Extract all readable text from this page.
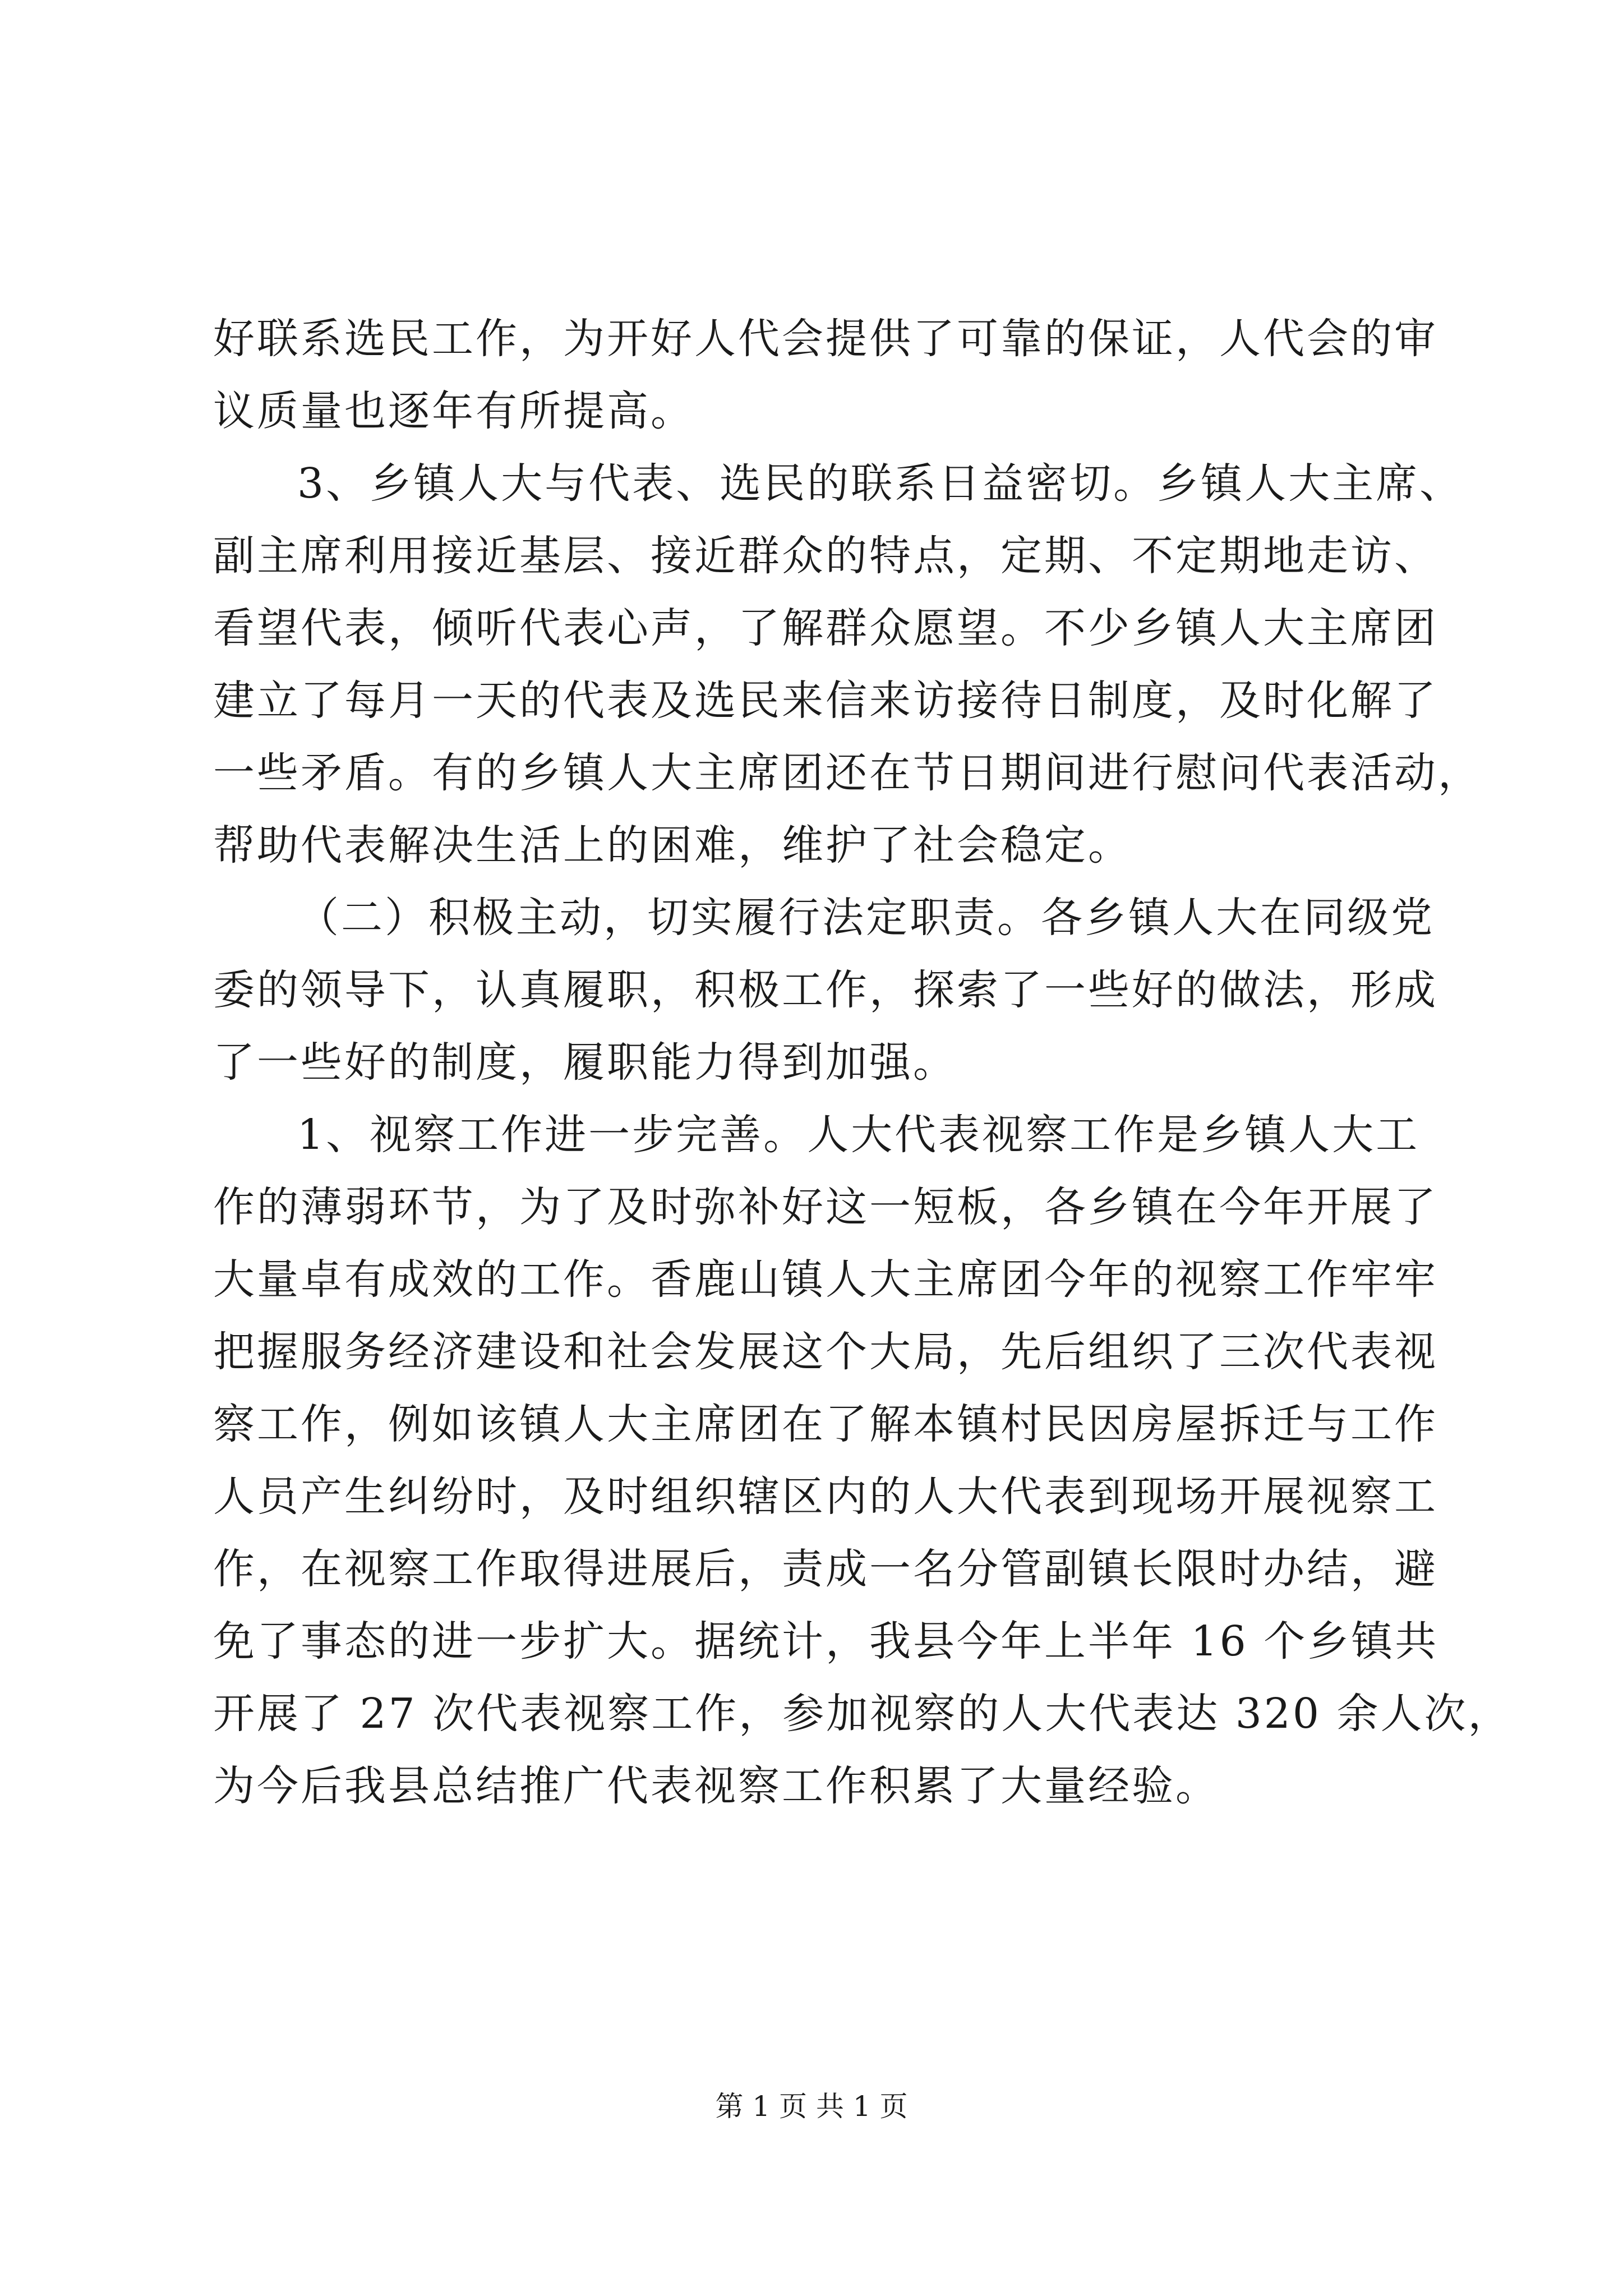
好联系选民工作，为开好人代会提供了可靠的保证，人代会的审

议质量也逐年有所提高。

3、乡镇人大与代表、选民的联系日益密切。乡镇人大主席、

副主席利用接近基层、接近群众的特点，定期、不定期地走访、

看望代表，倾听代表心声，了解群众愿望。不少乡镇人大主席团

建立了每月一天的代表及选民来信来访接待日制度，及时化解了

一些矛盾。有的乡镇人大主席团还在节日期间进行慰问代表活动，

帮助代表解决生活上的困难，维护了社会稳定。

（二）积极主动，切实履行法定职责。各乡镇人大在同级党

委的领导下，认真履职，积极工作，探索了一些好的做法，形成

了一些好的制度，履职能力得到加强。

1、视察工作进一步完善。人大代表视察工作是乡镇人大工

作的薄弱环节，为了及时弥补好这一短板，各乡镇在今年开展了

大量卓有成效的工作。香鹿山镇人大主席团今年的视察工作牢牢

把握服务经济建设和社会发展这个大局，先后组织了三次代表视

察工作，例如该镇人大主席团在了解本镇村民因房屋拆迁与工作

人员产生纠纷时，及时组织辖区内的人大代表到现场开展视察工

作，在视察工作取得进展后，责成一名分管副镇长限时办结，避

免了事态的进一步扩大。据统计，我县今年上半年 16 个乡镇共

开展了 27 次代表视察工作，参加视察的人大代表达 320 余人次，

为今后我县总结推广代表视察工作积累了大量经验。

第 1 页 共 1 页
